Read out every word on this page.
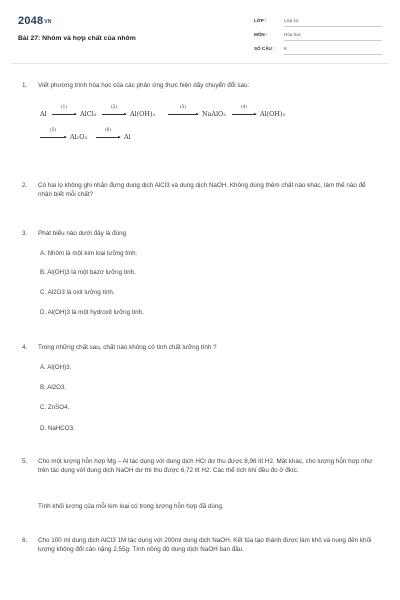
2048VN
Bài 27: Nhôm và hợp chất của nhôm
LỚP :	Lớp 12
MÔN :	Hóa học
SỐ CÂU : 8
1. Viết phương trình hóa học của các phản ứng thực hiện dãy chuyển đổi sau:
Al
(1)
AlCl₃
(2)
Al(OH)₃
(3)
NaAlO₂
(4)
Al(OH)₃
(5)
Al₂O₃
(6)
Al
2. Có hai lọ không ghi nhãn đựng dung dịch AlCl3 và dung dịch NaOH. Không dùng thêm chất nào khác, làm thế nào để nhận biết mỗi chất?
3. Phát biểu nào dưới đây là đúng
A. Nhôm là một kim loại lưỡng tính.
B. Al(OH)3 là một bazơ lưỡng tính.
C. Al2O3 là oxit lưỡng tính.
D. Al(OH)3 là một hydroxit lưỡng tính.
4. Trong những chất sau, chất nào không có tính chất lưỡng tính ?
A. Al(OH)3.
B. Al2O3.
C. ZnSO4.
D. NaHCO3.
5. Cho một lượng hỗn hợp Mg – Al tác dụng với dung dịch HCl dư thu được 8,96 lít H2. Mặt khác, cho lượng hỗn hợp như trên tác dụng với dung dịch NaOH dư thì thu được 6,72 lít H2. Các thể tích khí đều đo ở đktc.
Tính khối lượng của mỗi kim loại có trong lượng hỗn hợp đã dùng.
6. Cho 100 ml dung dịch AlCl3 1M tác dụng với 200ml dung dịch NaOH. Kết tủa tạo thành được làm khô và nung đến khối lượng không đổi cân nặng 2,55g. Tính nồng độ dung dịch NaOH ban đầu.
